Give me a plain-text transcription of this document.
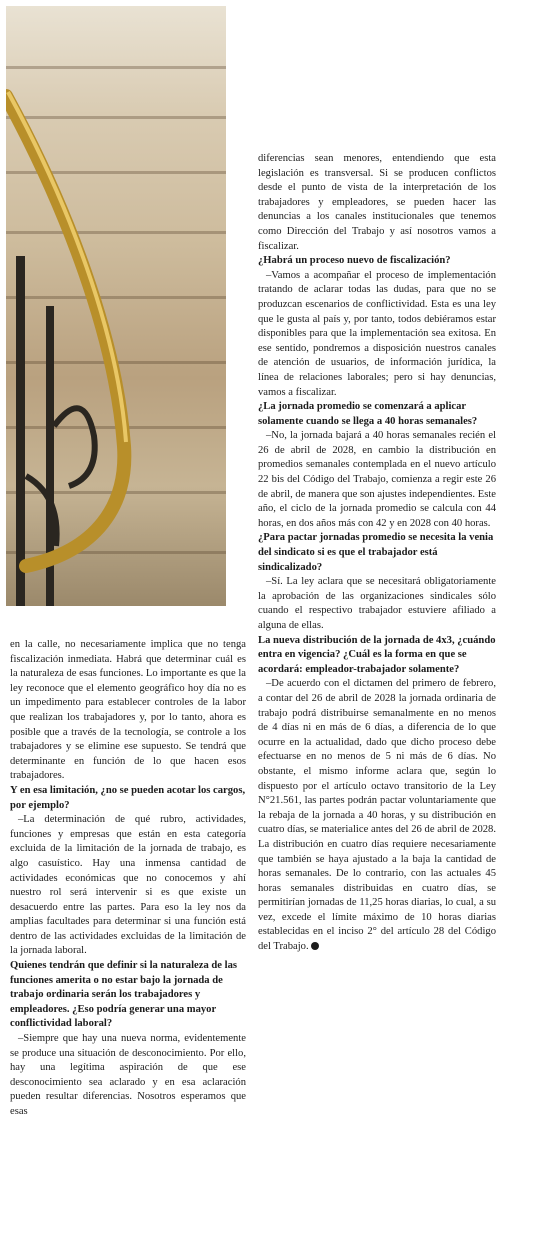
en la calle, no necesariamente implica que no tenga fiscalización inmediata. Habrá que determinar cuál es la naturaleza de esas funciones. Lo importante es que la ley reconoce que el elemento geográfico hoy día no es un impedimento para establecer controles de la labor que realizan los trabajadores y, por lo tanto, ahora es posible que a través de la tecnología, se controle a los trabajadores y se elimine ese supuesto. Se tendrá que determinante en función de lo que hacen esos trabajadores.

Y en esa limitación, ¿no se pueden acotar los cargos, por ejemplo?

–La determinación de qué rubro, actividades, funciones y empresas que están en esta categoría excluida de la limitación de la jornada de trabajo, es algo casuístico. Hay una inmensa cantidad de actividades económicas que no conocemos y ahí nuestro rol será intervenir si es que existe un desacuerdo entre las partes. Para eso la ley nos da amplias facultades para determinar si una función está dentro de las actividades excluidas de la limitación de la jornada laboral.

Quienes tendrán que definir si la naturaleza de las funciones amerita o no estar bajo la jornada de trabajo ordinaria serán los trabajadores y empleadores. ¿Eso podría generar una mayor conflictividad laboral?

–Siempre que hay una nueva norma, evidentemente se produce una situación de desconocimiento. Por ello, hay una legítima aspiración de que ese desconocimiento sea aclarado y en esa aclaración pueden resultar diferencias. Nosotros esperamos que esas

diferencias sean menores, entendiendo que esta legislación es transversal. Si se producen conflictos desde el punto de vista de la interpretación de los trabajadores y empleadores, se pueden hacer las denuncias a los canales institucionales que tenemos como Dirección del Trabajo y así nosotros vamos a fiscalizar.

¿Habrá un proceso nuevo de fiscalización?

–Vamos a acompañar el proceso de implementación tratando de aclarar todas las dudas, para que no se produzcan escenarios de conflictividad. Esta es una ley que le gusta al país y, por tanto, todos debiéramos estar disponibles para que la implementación sea exitosa. En ese sentido, pondremos a disposición nuestros canales de atención de usuarios, de información jurídica, la línea de relaciones laborales; pero si hay denuncias, vamos a fiscalizar.

¿La jornada promedio se comenzará a aplicar solamente cuando se llega a 40 horas semanales?

–No, la jornada bajará a 40 horas semanales recién el 26 de abril de 2028, en cambio la distribución en promedios semanales contemplada en el nuevo artículo 22 bis del Código del Trabajo, comienza a regir este 26 de abril, de manera que son ajustes independientes. Este año, el ciclo de la jornada promedio se calcula con 44 horas, en dos años más con 42 y en 2028 con 40 horas.

¿Para pactar jornadas promedio se necesita la venia del sindicato si es que el trabajador está sindicalizado?

–Sí. La ley aclara que se necesitará obligatoriamente la aprobación de las organizaciones sindicales sólo cuando el respectivo trabajador estuviere afiliado a alguna de ellas.

La nueva distribución de la jornada de 4x3, ¿cuándo entra en vigencia? ¿Cuál es la forma en que se acordará: empleador-trabajador solamente?

–De acuerdo con el dictamen del primero de febrero, a contar del 26 de abril de 2028 la jornada ordinaria de trabajo podrá distribuirse semanalmente en no menos de 4 días ni en más de 6 días, a diferencia de lo que ocurre en la actualidad, dado que dicho proceso debe efectuarse en no menos de 5 ni más de 6 días. No obstante, el mismo informe aclara que, según lo dispuesto por el artículo octavo transitorio de la Ley N°21.561, las partes podrán pactar voluntariamente que la rebaja de la jornada a 40 horas, y su distribución en cuatro días, se materialice antes del 26 de abril de 2028. La distribución en cuatro días requiere necesariamente que también se haya ajustado a la baja la cantidad de horas semanales. De lo contrario, con las actuales 45 horas semanales distribuidas en cuatro días, se permitirían jornadas de 11,25 horas diarias, lo cual, a su vez, excede el límite máximo de 10 horas diarias establecidas en el inciso 2° del artículo 28 del Código del Trabajo.
